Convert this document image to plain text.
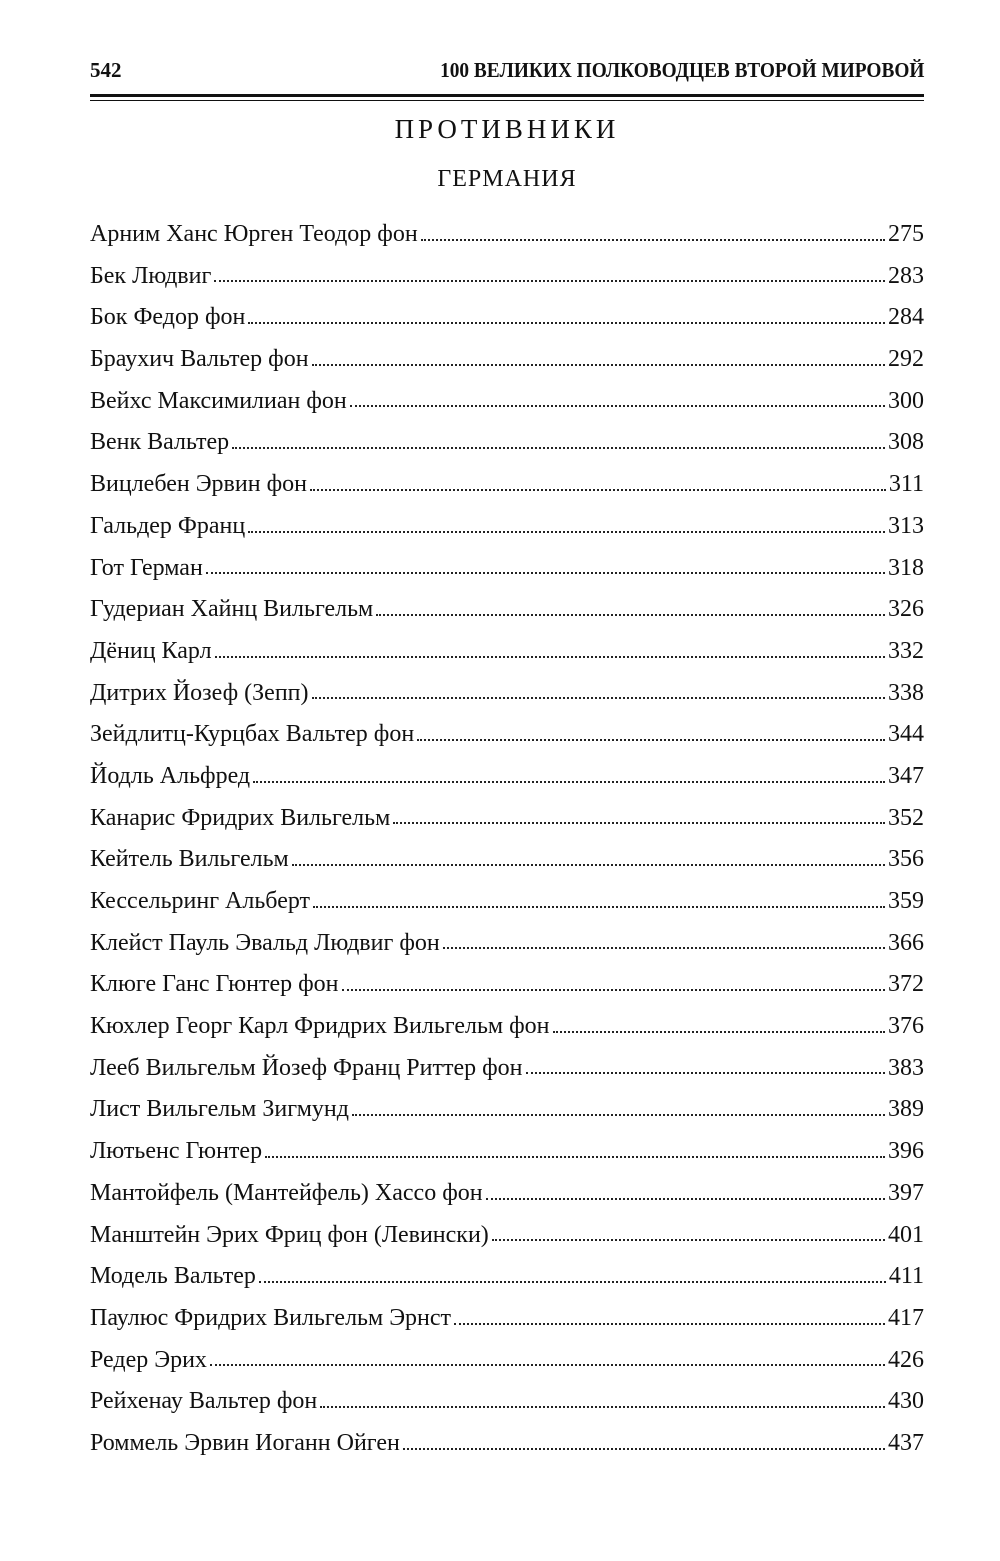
542	100 ВЕЛИКИХ ПОЛКОВОДЦЕВ ВТОРОЙ МИРОВОЙ
ПРОТИВНИКИ
ГЕРМАНИЯ
Арним Ханс Юрген Теодор фон	275
Бек Людвиг	283
Бок Федор фон	284
Браухич Вальтер фон	292
Вейхс Максимилиан фон	300
Венк Вальтер	308
Вицлебен Эрвин фон	311
Гальдер Франц	313
Гот Герман	318
Гудериан Хайнц Вильгельм	326
Дёниц Карл	332
Дитрих Йозеф (Зепп)	338
Зейдлитц-Курцбах Вальтер фон	344
Йодль Альфред	347
Канарис Фридрих Вильгельм	352
Кейтель Вильгельм	356
Кессельринг Альберт	359
Клейст Пауль Эвальд Людвиг фон	366
Клюге Ганс Гюнтер фон	372
Кюхлер Георг Карл Фридрих Вильгельм фон	376
Лееб Вильгельм Йозеф Франц Риттер фон	383
Лист Вильгельм Зигмунд	389
Лютьенс Гюнтер	396
Мантойфель (Мантейфель) Хассо фон	397
Манштейн Эрих Фриц фон (Левински)	401
Модель Вальтер	411
Паулюс Фридрих Вильгельм Эрнст	417
Редер Эрих	426
Рейхенау Вальтер фон	430
Роммель Эрвин Иоганн Ойген	437
